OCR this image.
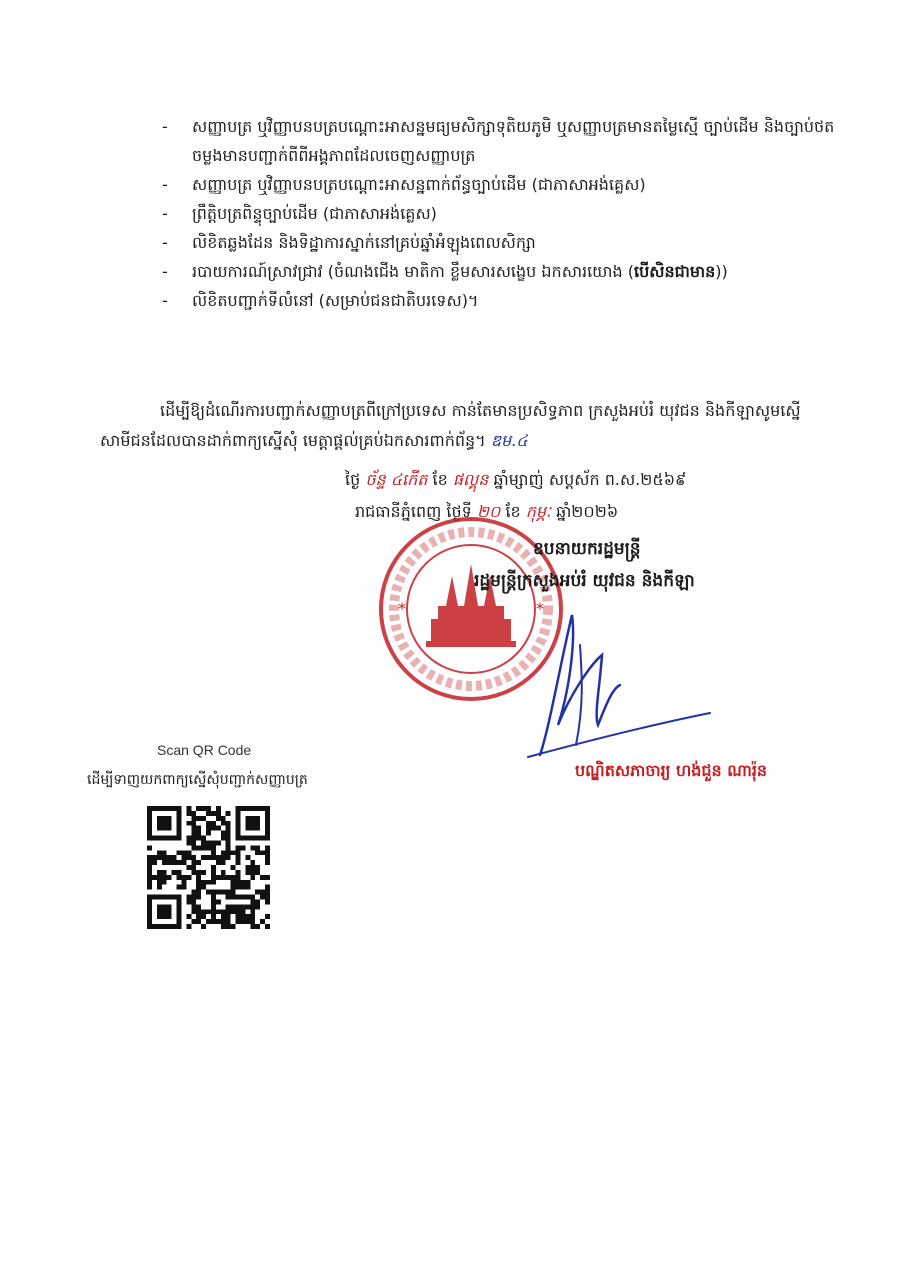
- សញ្ញាបត្រ ឬវិញ្ញាបនបត្របណ្ដោះអាសន្នមធ្យមសិក្សាទុតិយភូមិ ឬសញ្ញាបត្រមានតម្លៃស្មើ ច្បាប់ដើម និងច្បាប់ថតចម្លងមានបញ្ជាក់ពីពីអង្គភាពដែលចេញសញ្ញាបត្រ
- សញ្ញាបត្រ ឬវិញ្ញាបនបត្របណ្ដោះអាសន្នពាក់ព័ន្ធច្បាប់ដើម (ជាភាសាអង់គ្លេស)
- ព្រឹត្តិបត្រពិន្ទុច្បាប់ដើម (ជាភាសាអង់គ្លេស)
- លិខិតឆ្លងដែន និងទិដ្ឋាការស្នាក់នៅគ្រប់ឆ្នាំអំឡុងពេលសិក្សា
- របាយការណ៍ស្រាវជ្រាវ (ចំណងជើង មាតិកា ខ្លឹមសារសង្ខេប ឯកសារយោង (បើសិនជាមាន))
- លិខិតបញ្ជាក់ទីលំនៅ (សម្រាប់ជនជាតិបរទេស)។

ដើម្បីឱ្យដំណើរការបញ្ជាក់សញ្ញាបត្រពីក្រៅប្រទេស កាន់តែមានប្រសិទ្ធភាព ក្រសួងអប់រំ យុវជន និងកីឡាសូមស្នើសាមីជនដែលបានដាក់ពាក្យស្នើសុំ មេត្តាផ្ដល់គ្រប់ឯកសារពាក់ព័ន្ធ។ ឌម.៤

ថ្ងៃ ច័ន្ទ ៤កើត ខែ ផល្គុន ឆ្នាំម្សាញ់ សប្តស័ក ព.ស.២៥៦៩
រាជធានីភ្នំពេញ ថ្ងៃទី ២០ ខែ កុម្ភៈ ឆ្នាំ២០២៦
*	*
ឧបនាយករដ្ឋមន្ត្រី
រដ្ឋមន្ត្រីក្រសួងអប់រំ យុវជន និងកីឡា
បណ្ឌិតសភាចារ្យ ហង់ជួន ណារ៉ុន
Scan QR Code
ដើម្បីទាញយកពាក្យស្នើសុំបញ្ជាក់សញ្ញាបត្រ
